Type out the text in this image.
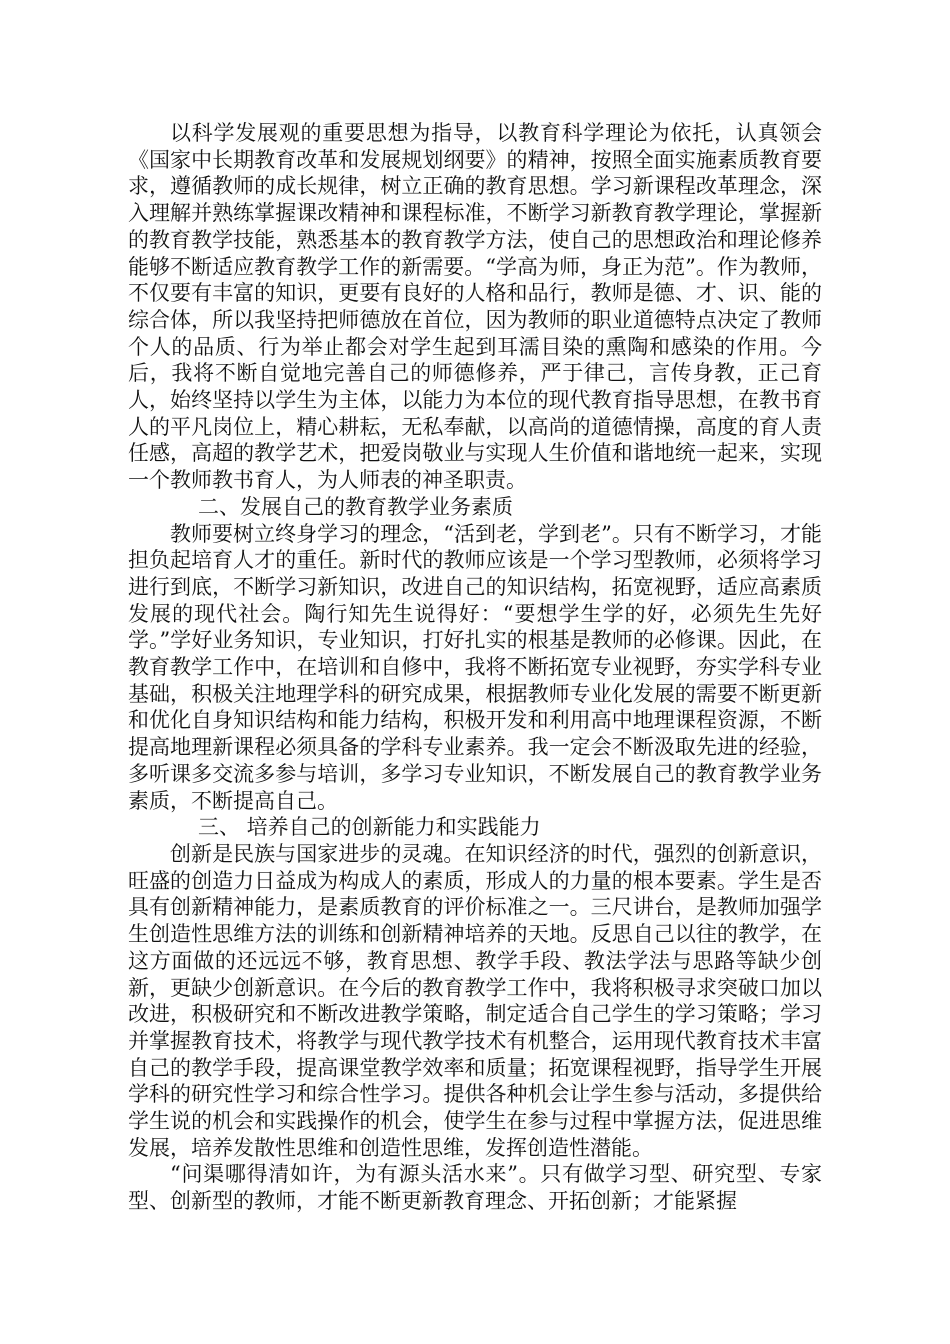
以科学发展观的重要思想为指导，以教育科学理论为依托，认真领会《国家中长期教育改革和发展规划纲要》的精神，按照全面实施素质教育要求，遵循教师的成长规律，树立正确的教育思想。学习新课程改革理念，深入理解并熟练掌握课改精神和课程标准，不断学习新教育教学理论，掌握新的教育教学技能，熟悉基本的教育教学方法，使自己的思想政治和理论修养能够不断适应教育教学工作的新需要。“学高为师，身正为范”。作为教师，不仅要有丰富的知识，更要有良好的人格和品行，教师是德、才、识、能的综合体，所以我坚持把师德放在首位，因为教师的职业道德特点决定了教师个人的品质、行为举止都会对学生起到耳濡目染的熏陶和感染的作用。今后，我将不断自觉地完善自己的师德修养，严于律己，言传身教，正己育人，始终坚持以学生为主体，以能力为本位的现代教育指导思想，在教书育人的平凡岗位上，精心耕耘，无私奉献，以高尚的道德情操，高度的育人责任感，高超的教学艺术，把爱岗敬业与实现人生价值和谐地统一起来，实现一个教师教书育人，为人师表的神圣职责。

二、发展自己的教育教学业务素质

教师要树立终身学习的理念，“活到老，学到老”。只有不断学习，才能担负起培育人才的重任。新时代的教师应该是一个学习型教师，必须将学习进行到底，不断学习新知识，改进自己的知识结构，拓宽视野，适应高素质发展的现代社会。陶行知先生说得好：“要想学生学的好，必须先生先好学。”学好业务知识，专业知识，打好扎实的根基是教师的必修课。因此，在教育教学工作中，在培训和自修中，我将不断拓宽专业视野，夯实学科专业基础，积极关注地理学科的研究成果，根据教师专业化发展的需要不断更新和优化自身知识结构和能力结构，积极开发和利用高中地理课程资源，不断提高地理新课程必须具备的学科专业素养。我一定会不断汲取先进的经验，多听课多交流多参与培训，多学习专业知识，不断发展自己的教育教学业务素质，不断提高自己。

三、 培养自己的创新能力和实践能力

创新是民族与国家进步的灵魂。在知识经济的时代，强烈的创新意识，旺盛的创造力日益成为构成人的素质，形成人的力量的根本要素。学生是否具有创新精神能力，是素质教育的评价标准之一。三尺讲台，是教师加强学生创造性思维方法的训练和创新精神培养的天地。反思自己以往的教学，在这方面做的还远远不够，教育思想、教学手段、教法学法与思路等缺少创新，更缺少创新意识。在今后的教育教学工作中，我将积极寻求突破口加以改进，积极研究和不断改进教学策略，制定适合自己学生的学习策略；学习并掌握教育技术，将教学与现代教学技术有机整合，运用现代教育技术丰富自己的教学手段，提高课堂教学效率和质量；拓宽课程视野，指导学生开展学科的研究性学习和综合性学习。提供各种机会让学生参与活动，多提供给学生说的机会和实践操作的机会，使学生在参与过程中掌握方法，促进思维发展，培养发散性思维和创造性思维，发挥创造性潜能。

“问渠哪得清如许，为有源头活水来”。只有做学习型、研究型、专家型、创新型的教师，才能不断更新教育理念、开拓创新；才能紧握
